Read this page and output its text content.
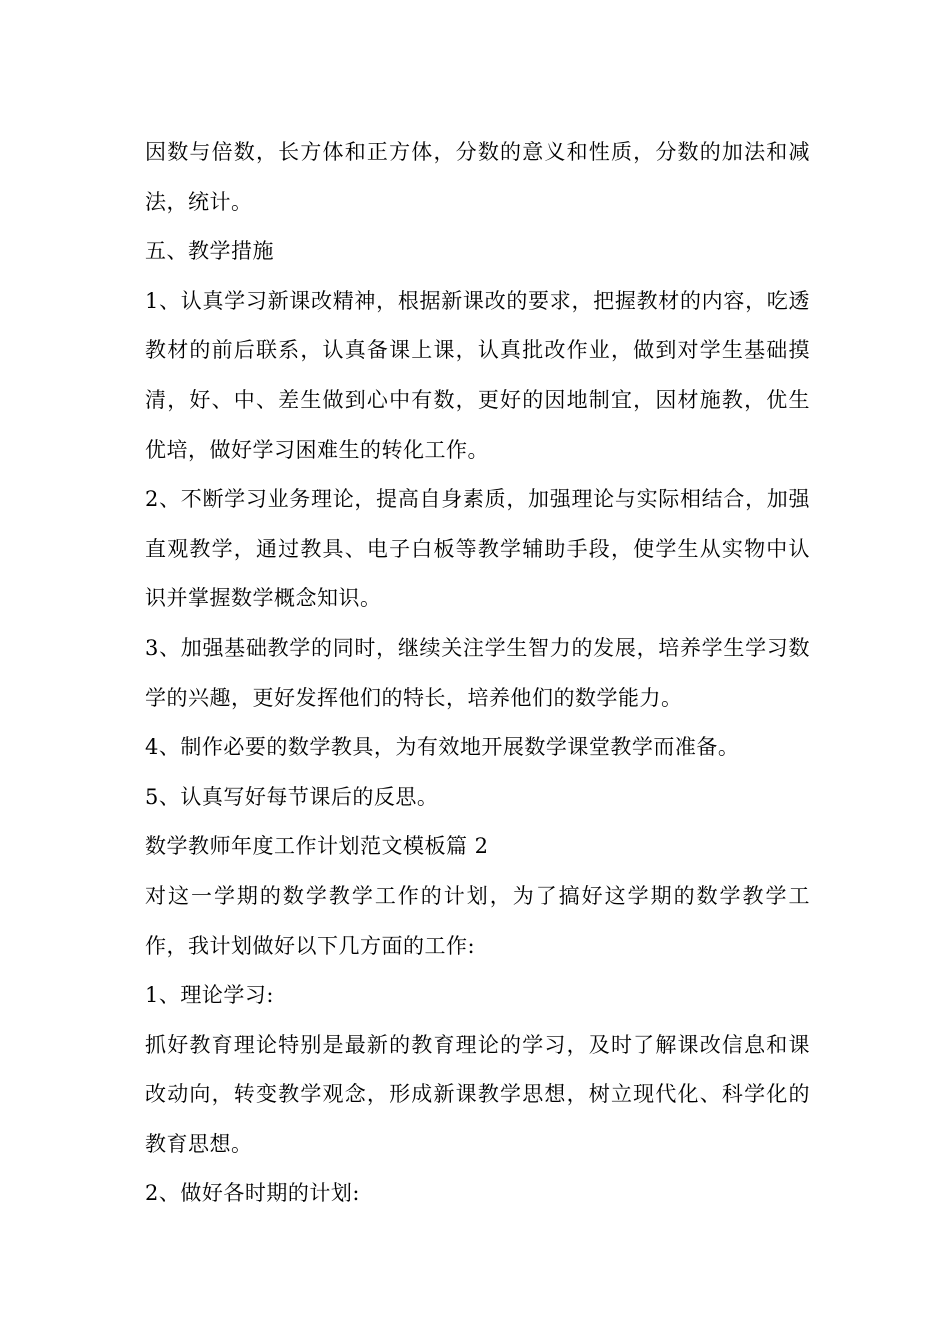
因数与倍数，长方体和正方体，分数的意义和性质，分数的加法和减法，统计。

五、教学措施

1、认真学习新课改精神，根据新课改的要求，把握教材的内容，吃透教材的前后联系，认真备课上课，认真批改作业，做到对学生基础摸清，好、中、差生做到心中有数，更好的因地制宜，因材施教，优生优培，做好学习困难生的转化工作。

2、不断学习业务理论，提高自身素质，加强理论与实际相结合，加强直观教学，通过教具、电子白板等教学辅助手段，使学生从实物中认识并掌握数学概念知识。

3、加强基础教学的同时，继续关注学生智力的发展，培养学生学习数学的兴趣，更好发挥他们的特长，培养他们的数学能力。

4、制作必要的数学教具，为有效地开展数学课堂教学而准备。

5、认真写好每节课后的反思。

数学教师年度工作计划范文模板篇 2

对这一学期的数学教学工作的计划，为了搞好这学期的数学教学工作，我计划做好以下几方面的工作:

1、理论学习:

抓好教育理论特别是最新的教育理论的学习，及时了解课改信息和课改动向，转变教学观念，形成新课教学思想，树立现代化、科学化的教育思想。

2、做好各时期的计划:
